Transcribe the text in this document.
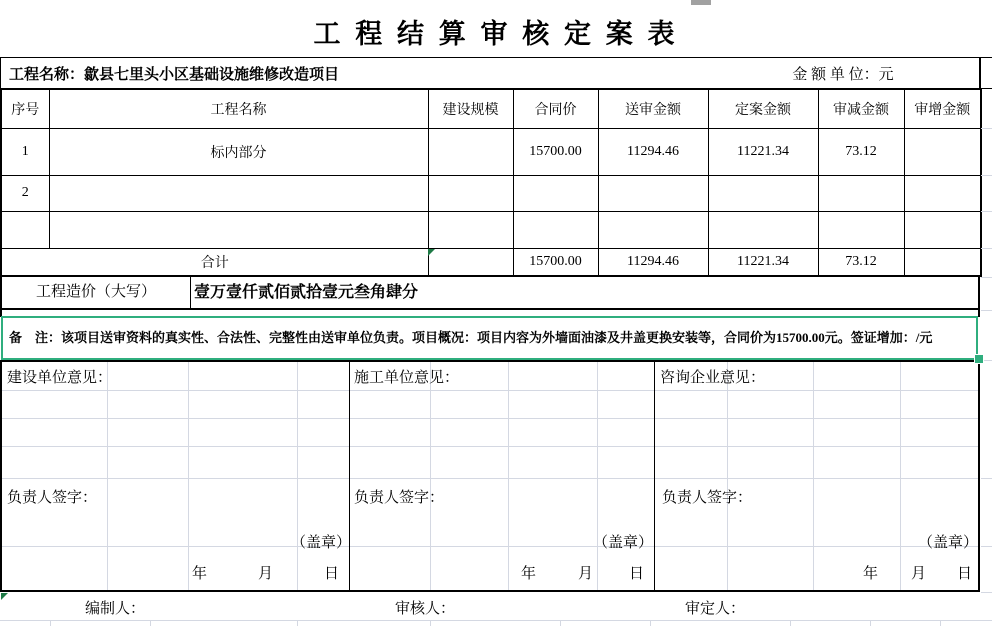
工 程 结 算 审 核 定 案 表
工程名称：歙县七里头小区基础设施维修改造项目	金 额 单 位：元
序号	工程名称	建设规模	合同价	送审金额	定案金额	审减金额	审增金额
1	标内部分		15700.00	11294.46	11221.34	73.12	
2							

合计			15700.00	11294.46	11221.34	73.12	
工程造价（大写）	壹万壹仟贰佰贰拾壹元叁角肆分
建设单位意见：	施工单位意见：	咨询企业意见：
负责人签字：	负责人签字：	负责人签字：
（盖章）	（盖章）	（盖章）
年	月	日	年	月 日	年 月 日
备　注：该项目送审资料的真实性、合法性、完整性由送审单位负责。项目概况：项目内容为外墙面油漆及井盖更换安装等，合同价为15700.00元。签证增加：/元
编制人：	审核人：	审定人：
